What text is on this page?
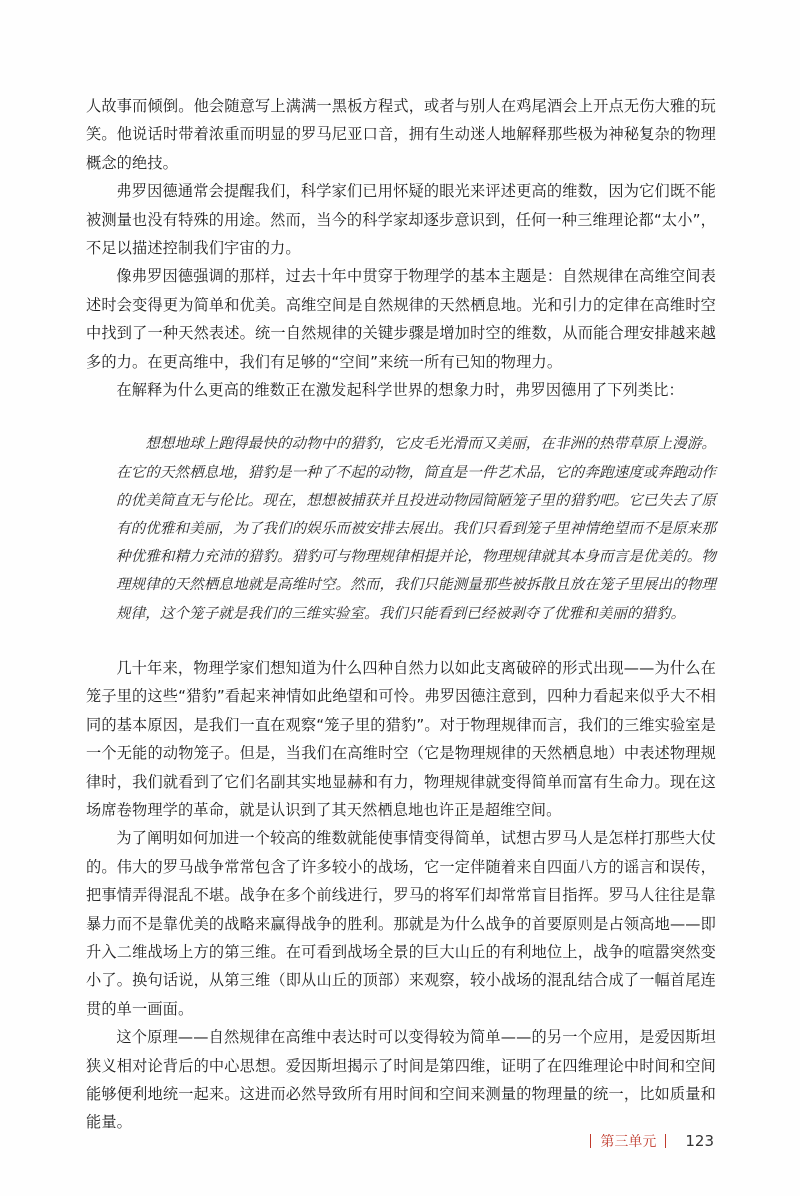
人故事而倾倒。他会随意写上满满一黑板方程式，或者与别人在鸡尾酒会上开点无伤大雅的玩笑。他说话时带着浓重而明显的罗马尼亚口音，拥有生动迷人地解释那些极为神秘复杂的物理概念的绝技。

弗罗因德通常会提醒我们，科学家们已用怀疑的眼光来评述更高的维数，因为它们既不能被测量也没有特殊的用途。然而，当今的科学家却逐步意识到，任何一种三维理论都“太小”，不足以描述控制我们宇宙的力。

像弗罗因德强调的那样，过去十年中贯穿于物理学的基本主题是：自然规律在高维空间表述时会变得更为简单和优美。高维空间是自然规律的天然栖息地。光和引力的定律在高维时空中找到了一种天然表述。统一自然规律的关键步骤是增加时空的维数，从而能合理安排越来越多的力。在更高维中，我们有足够的“空间”来统一所有已知的物理力。

在解释为什么更高的维数正在激发起科学世界的想象力时，弗罗因德用了下列类比：

想想地球上跑得最快的动物中的猎豹，它皮毛光滑而又美丽，在非洲的热带草原上漫游。在它的天然栖息地，猎豹是一种了不起的动物，简直是一件艺术品，它的奔跑速度或奔跑动作的优美简直无与伦比。现在，想想被捕获并且投进动物园简陋笼子里的猎豹吧。它已失去了原有的优雅和美丽，为了我们的娱乐而被安排去展出。我们只看到笼子里神情绝望而不是原来那种优雅和精力充沛的猎豹。猎豹可与物理规律相提并论，物理规律就其本身而言是优美的。物理规律的天然栖息地就是高维时空。然而，我们只能测量那些被拆散且放在笼子里展出的物理规律，这个笼子就是我们的三维实验室。我们只能看到已经被剥夺了优雅和美丽的猎豹。

几十年来，物理学家们想知道为什么四种自然力以如此支离破碎的形式出现——为什么在笼子里的这些“猎豹”看起来神情如此绝望和可怜。弗罗因德注意到，四种力看起来似乎大不相同的基本原因，是我们一直在观察“笼子里的猎豹”。对于物理规律而言，我们的三维实验室是一个无能的动物笼子。但是，当我们在高维时空（它是物理规律的天然栖息地）中表述物理规律时，我们就看到了它们名副其实地显赫和有力，物理规律就变得简单而富有生命力。现在这场席卷物理学的革命，就是认识到了其天然栖息地也许正是超维空间。

为了阐明如何加进一个较高的维数就能使事情变得简单，试想古罗马人是怎样打那些大仗的。伟大的罗马战争常常包含了许多较小的战场，它一定伴随着来自四面八方的谣言和误传，把事情弄得混乱不堪。战争在多个前线进行，罗马的将军们却常常盲目指挥。罗马人往往是靠暴力而不是靠优美的战略来赢得战争的胜利。那就是为什么战争的首要原则是占领高地——即升入二维战场上方的第三维。在可看到战场全景的巨大山丘的有利地位上，战争的喧嚣突然变小了。换句话说，从第三维（即从山丘的顶部）来观察，较小战场的混乱结合成了一幅首尾连贯的单一画面。

这个原理——自然规律在高维中表达时可以变得较为简单——的另一个应用，是爱因斯坦狭义相对论背后的中心思想。爱因斯坦揭示了时间是第四维，证明了在四维理论中时间和空间能够便利地统一起来。这进而必然导致所有用时间和空间来测量的物理量的统一，比如质量和能量。

第三单元 123
